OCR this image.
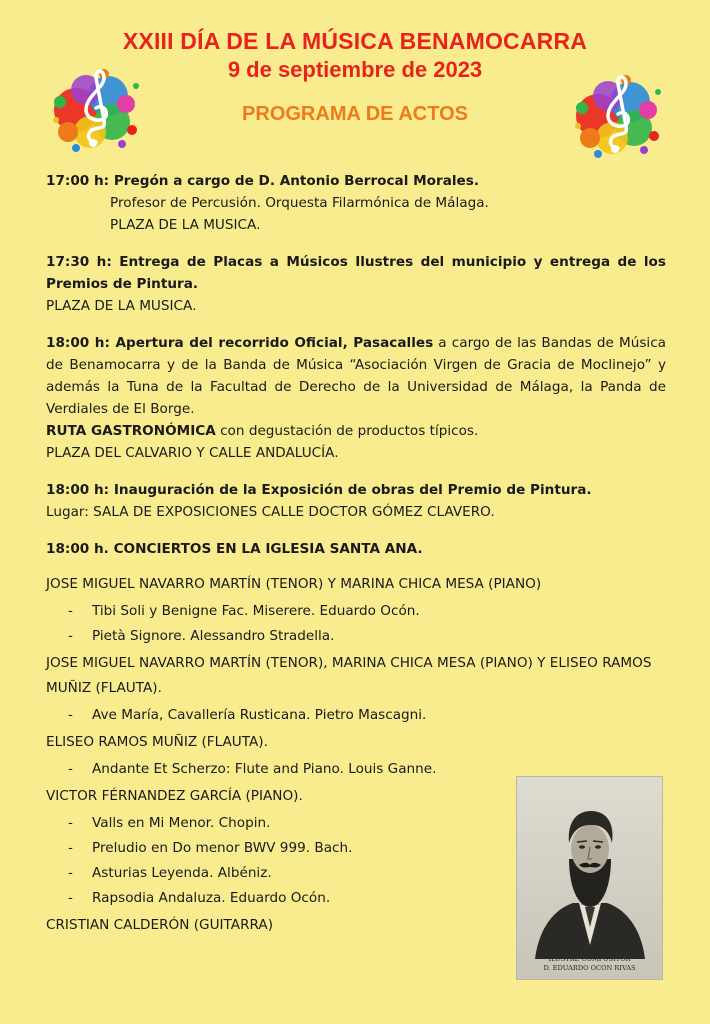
XXIII DÍA DE LA MÚSICA BENAMOCARRA
9 de septiembre de 2023
PROGRAMA DE ACTOS

17:00 h: Pregón a cargo de D. Antonio Berrocal Morales.

Profesor de Percusión. Orquesta Filarmónica de Málaga.

PLAZA DE LA MUSICA.

17:30 h: Entrega de Placas a Músicos Ilustres del municipio y entrega de los Premios de Pintura.

PLAZA DE LA MUSICA.

18:00 h: Apertura del recorrido Oficial, Pasacalles a cargo de las Bandas de Música de Benamocarra y de la Banda de Música “Asociación Virgen de Gracia de Moclinejo” y además la Tuna de la Facultad de Derecho de la Universidad de Málaga, la Panda de Verdiales de El Borge.

RUTA GASTRONÓMICA con degustación de productos típicos.

PLAZA DEL CALVARIO Y CALLE ANDALUCÍA.

18:00 h: Inauguración de la Exposición de obras del Premio de Pintura.

Lugar: SALA DE EXPOSICIONES CALLE DOCTOR GÓMEZ CLAVERO.

18:00 h. CONCIERTOS EN LA IGLESIA SANTA ANA.

JOSE MIGUEL NAVARRO MARTÍN (TENOR) Y MARINA CHICA MESA (PIANO)
- Tibi Soli y Benigne Fac. Miserere. Eduardo Ocón.
- Pietà Signore. Alessandro Stradella.
JOSE MIGUEL NAVARRO MARTÍN (TENOR), MARINA CHICA MESA (PIANO) Y ELISEO RAMOS MUÑIZ (FLAUTA).
- Ave María, Cavallería Rusticana. Pietro Mascagni.
ELISEO RAMOS MUÑIZ (FLAUTA).
- Andante Et Scherzo: Flute and Piano. Louis Ganne.
VICTOR FÉRNANDEZ GARCÍA (PIANO).
- Valls en Mi Menor. Chopin.
- Preludio en Do menor BWV 999. Bach.
- Asturias Leyenda. Albéniz.
- Rapsodia Andaluza. Eduardo Ocón.
CRISTIAN CALDERÓN (GUITARRA)
ILUSTRE COMPOSITOR
D. EDUARDO OCON RIVAS
